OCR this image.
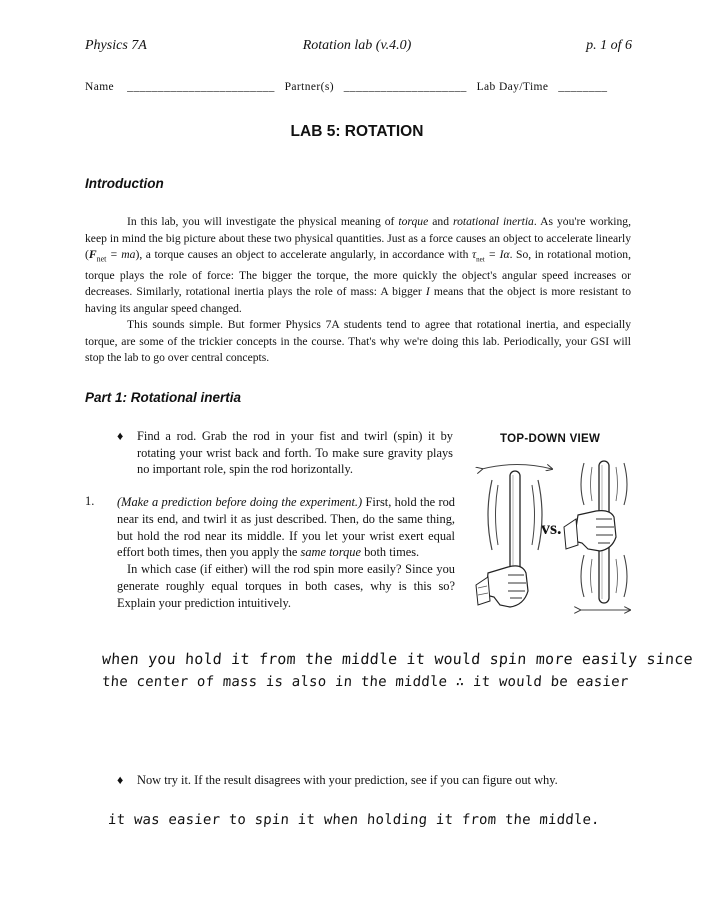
Physics 7A	Rotation lab (v.4.0)	p. 1 of 6
Name ________________________ Partner(s) ____________________ Lab Day/Time ________
LAB 5: ROTATION
Introduction

In this lab, you will investigate the physical meaning of torque and rotational inertia. As you're working, keep in mind the big picture about these two physical quantities. Just as a force causes an object to accelerate linearly $(F_{net} = ma)$, a torque causes an object to accelerate angularly, in accordance with $\tau_{net} = I\alpha$. So, in rotational motion, torque plays the role of force: The bigger the torque, the more quickly the object's angular speed increases or decreases. Similarly, rotational inertia plays the role of mass: A bigger I means that the object is more resistant to having its angular speed changed.

This sounds simple. But former Physics 7A students tend to agree that rotational inertia, and especially torque, are some of the trickier concepts in the course. That's why we're doing this lab. Periodically, your GSI will stop the lab to go over central concepts.

Part 1: Rotational inertia
♦ Find a rod. Grab the rod in your fist and twirl (spin) it by rotating your wrist back and forth. To make sure gravity plays no important role, spin the rod horizontally.

1. (Make a prediction before doing the experiment.) First, hold the rod near its end, and twirl it as just described. Then, do the same thing, but hold the rod near its middle. If you let your wrist exert equal effort both times, then you apply the same torque both times.

In which case (if either) will the rod spin more easily? Since you generate roughly equal torques in both cases, why is this so? Explain your prediction intuitively.

TOP-DOWN VIEW
vs.
when you hold it from the middle it would spin more easily since
the center of mass is also in the middle ∴ it would be easier
♦ Now try it. If the result disagrees with your prediction, see if you can figure out why.

it was easier to spin it when holding it from the middle.
